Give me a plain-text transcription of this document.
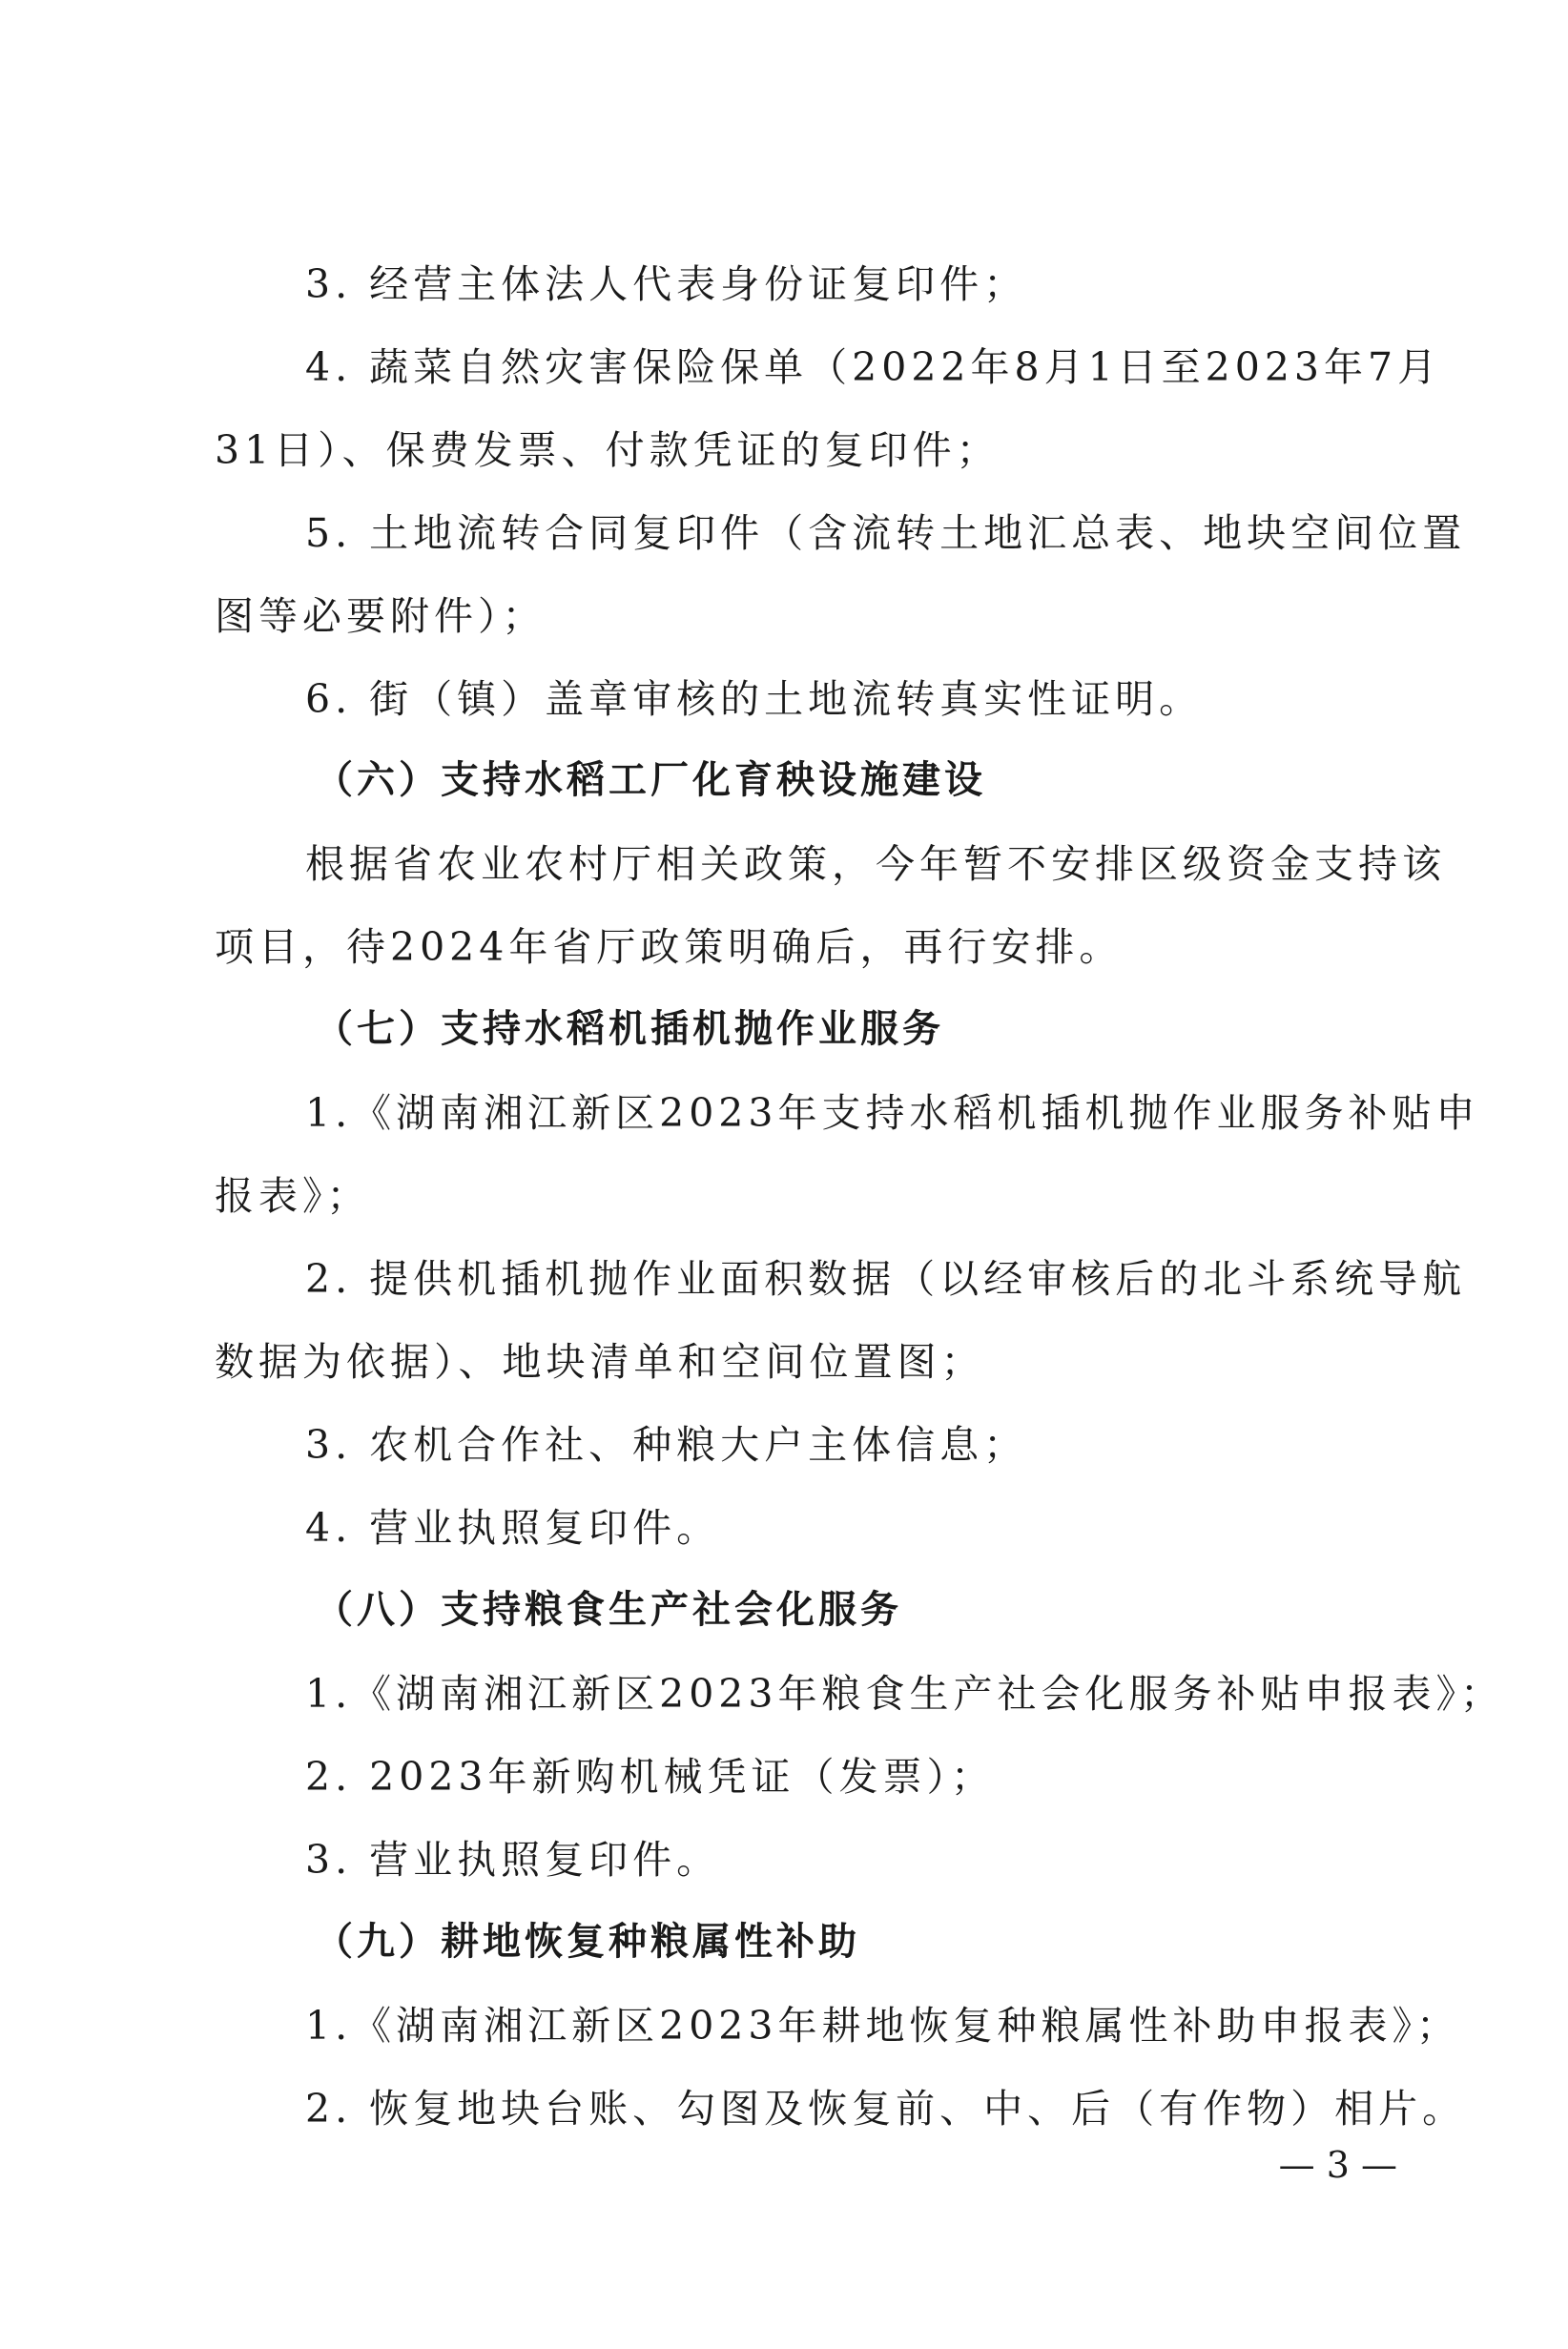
3. 经营主体法人代表身份证复印件；
4. 蔬菜自然灾害保险保单（2022年8月1日至2023年7月
31日）、保费发票、付款凭证的复印件；
5. 土地流转合同复印件（含流转土地汇总表、地块空间位置
图等必要附件）；
6. 街（镇）盖章审核的土地流转真实性证明。
（六）支持水稻工厂化育秧设施建设
根据省农业农村厅相关政策，今年暂不安排区级资金支持该
项目，待2024年省厅政策明确后，再行安排。
（七）支持水稻机插机抛作业服务
1.《湖南湘江新区2023年支持水稻机插机抛作业服务补贴申
报表》；
2. 提供机插机抛作业面积数据（以经审核后的北斗系统导航
数据为依据）、地块清单和空间位置图；
3. 农机合作社、种粮大户主体信息；
4. 营业执照复印件。
（八）支持粮食生产社会化服务
1.《湖南湘江新区2023年粮食生产社会化服务补贴申报表》；
2. 2023年新购机械凭证（发票）；
3. 营业执照复印件。
（九）耕地恢复种粮属性补助
1.《湖南湘江新区2023年耕地恢复种粮属性补助申报表》；
2. 恢复地块台账、勾图及恢复前、中、后（有作物）相片。
— 3 —
